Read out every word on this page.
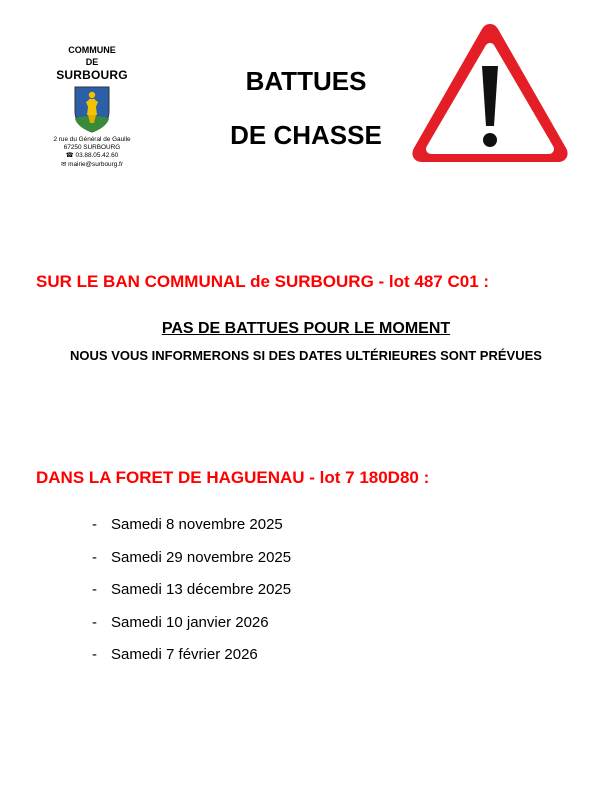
COMMUNE
DE
SURBOURG
2 rue du Général de Gaulle
67250 SURBOURG
☎ 03.88.05.42.60
✉ mairie@surbourg.fr
BATTUES
DE CHASSE
SUR LE BAN COMMUNAL de SURBOURG - lot 487 C01 :
PAS DE BATTUES POUR LE MOMENT
NOUS VOUS INFORMERONS SI DES DATES ULTÉRIEURES SONT PRÉVUES
DANS LA FORET DE HAGUENAU - lot 7 180D80 :
- Samedi 8 novembre 2025
- Samedi 29 novembre 2025
- Samedi 13 décembre 2025
- Samedi 10 janvier 2026
- Samedi 7 février 2026
